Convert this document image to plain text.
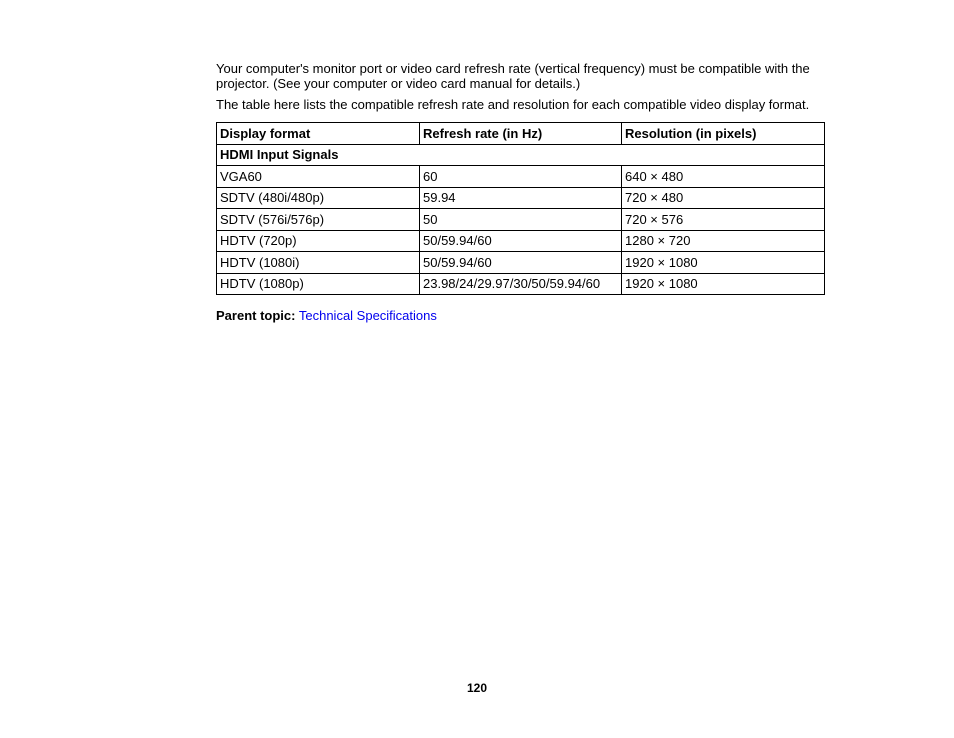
Your computer's monitor port or video card refresh rate (vertical frequency) must be compatible with the projector. (See your computer or video card manual for details.)

The table here lists the compatible refresh rate and resolution for each compatible video display format.

Display format	Refresh rate (in Hz)	Resolution (in pixels)
HDMI Input Signals		
VGA60	60	640 × 480
SDTV (480i/480p)	59.94	720 × 480
SDTV (576i/576p)	50	720 × 576
HDTV (720p)	50/59.94/60	1280 × 720
HDTV (1080i)	50/59.94/60	1920 × 1080
HDTV (1080p)	23.98/24/29.97/30/50/59.94/60	1920 × 1080
Parent topic: Technical Specifications
120
